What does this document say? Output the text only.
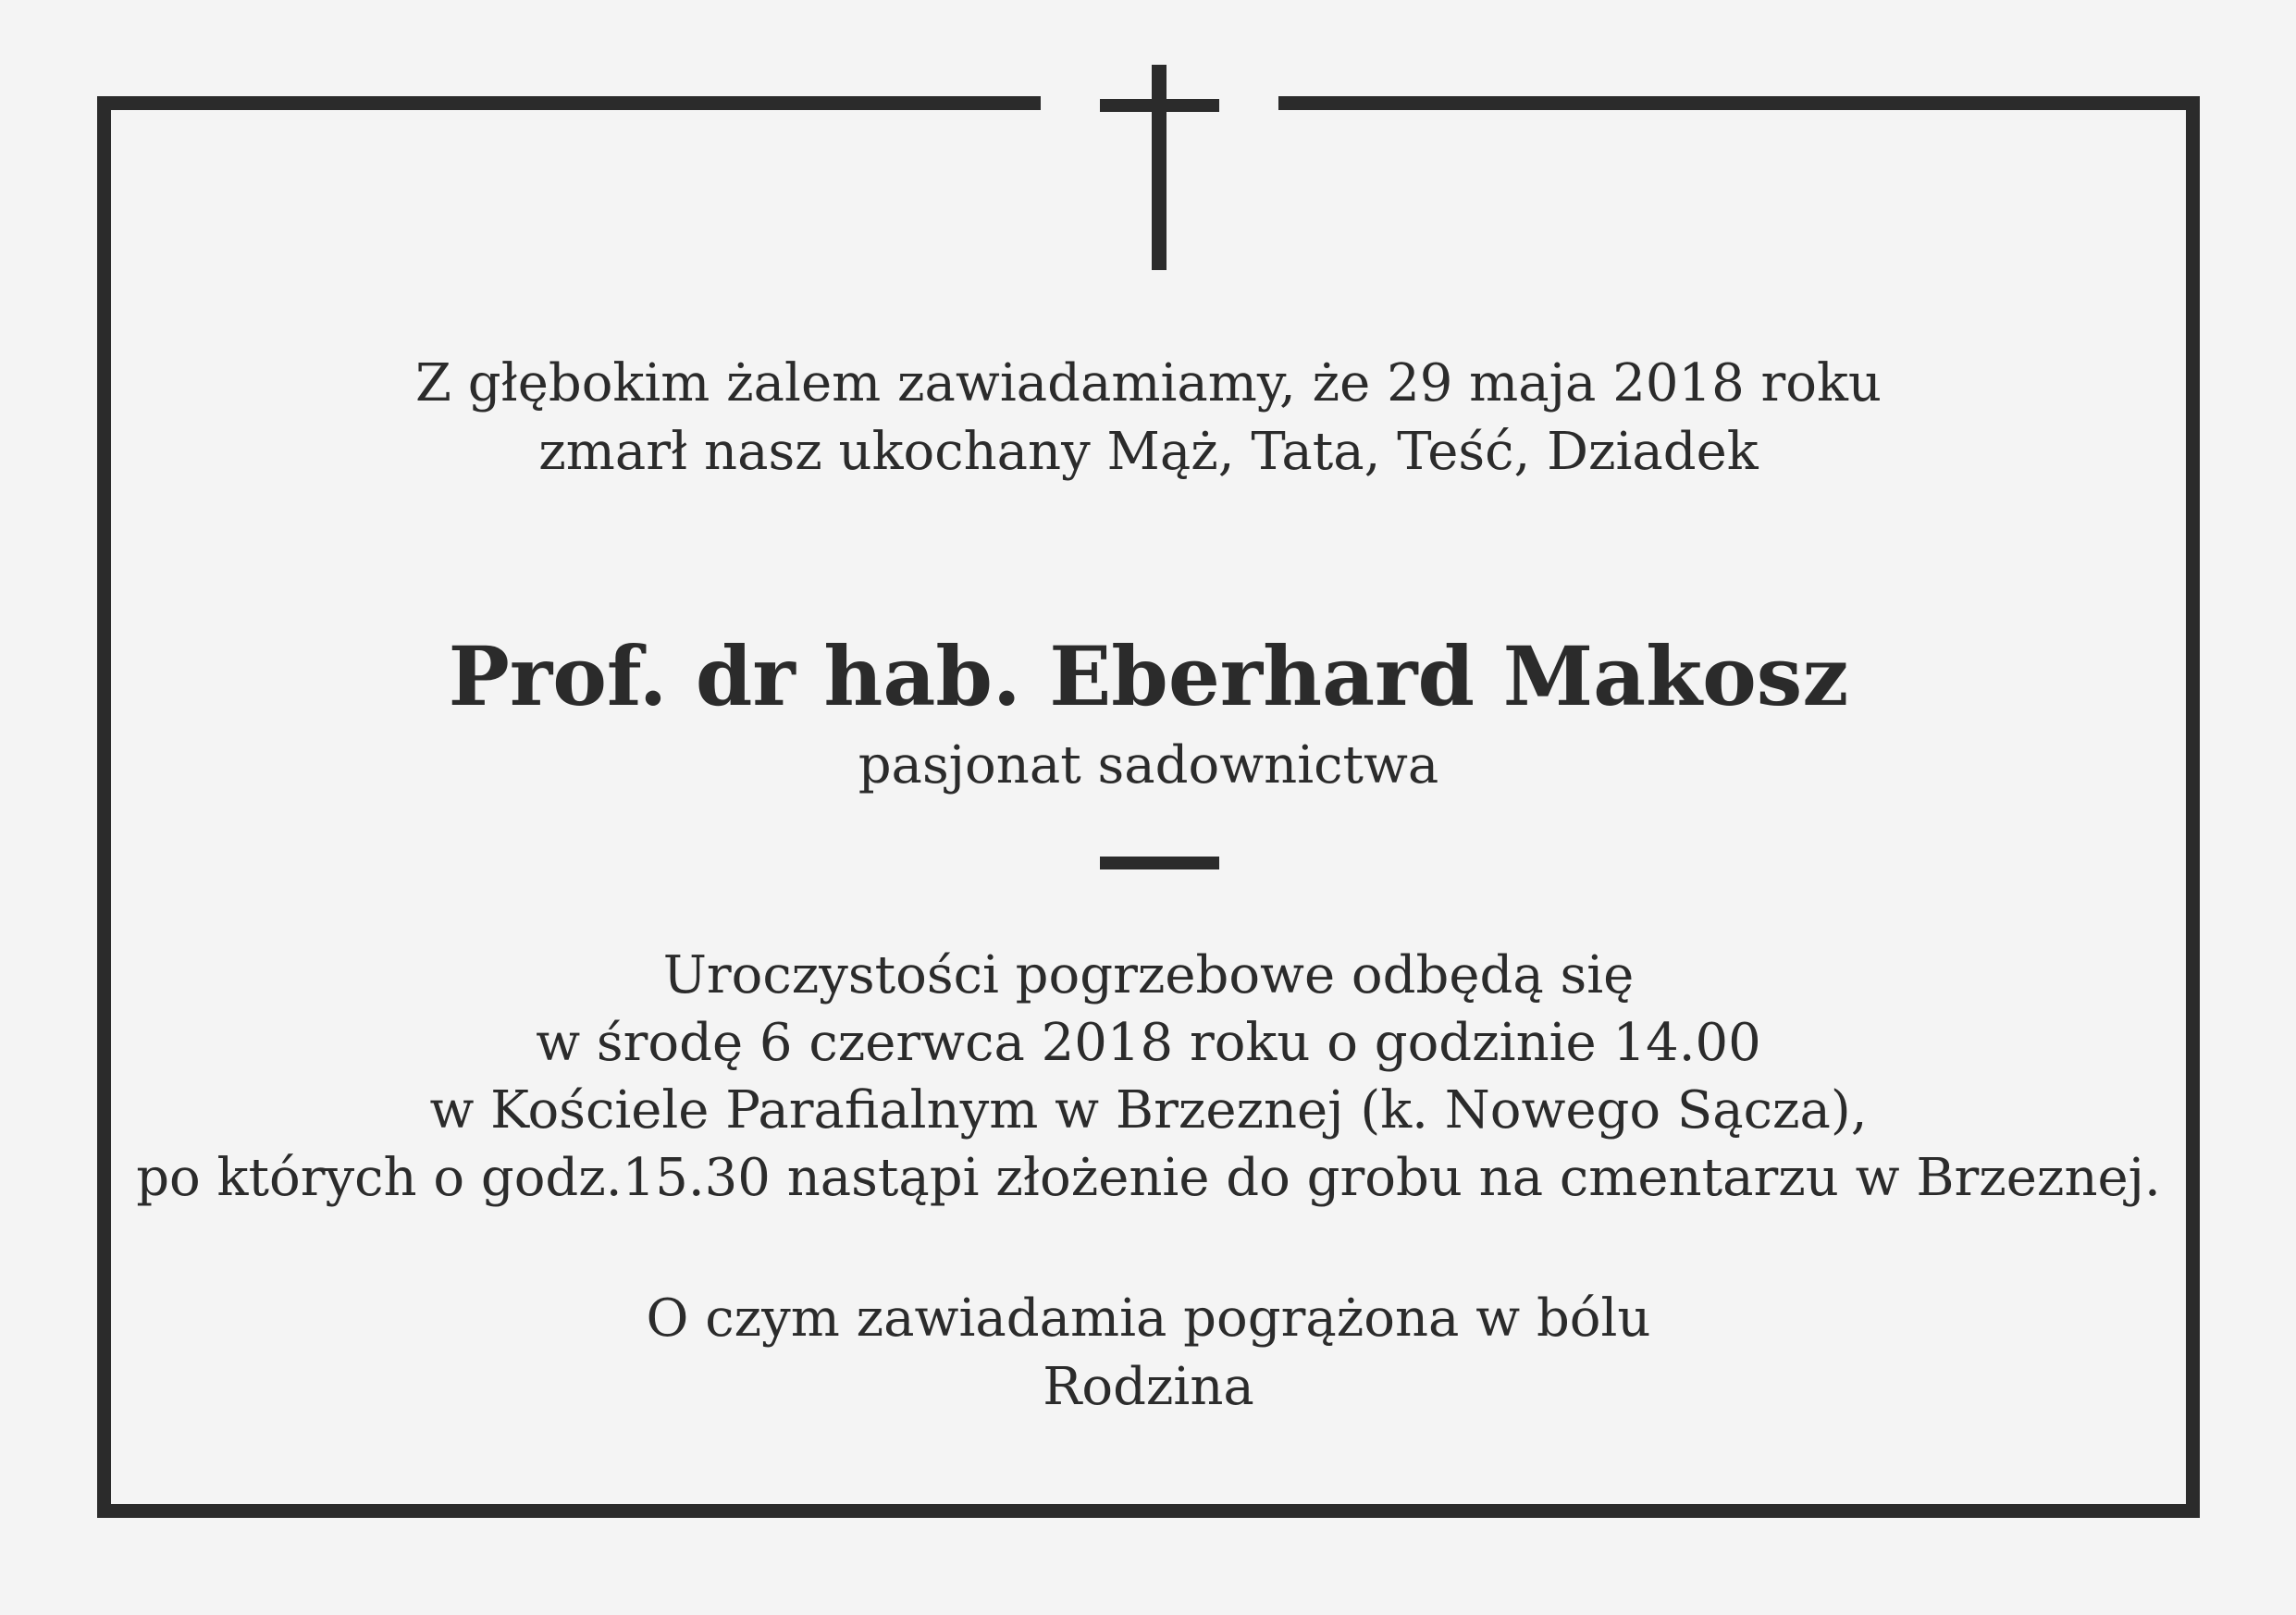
Z głębokim żalem zawiadamiamy, że 29 maja 2018 roku
zmarł nasz ukochany Mąż, Tata, Teść, Dziadek
Prof. dr hab. Eberhard Makosz
pasjonat sadownictwa
Uroczystości pogrzebowe odbędą się
w środę 6 czerwca 2018 roku o godzinie 14.00
w Kościele Parafialnym w Brzeznej (k. Nowego Sącza),
po których o godz.15.30 nastąpi złożenie do grobu na cmentarzu w Brzeznej.
O czym zawiadamia pogrążona w bólu
Rodzina
